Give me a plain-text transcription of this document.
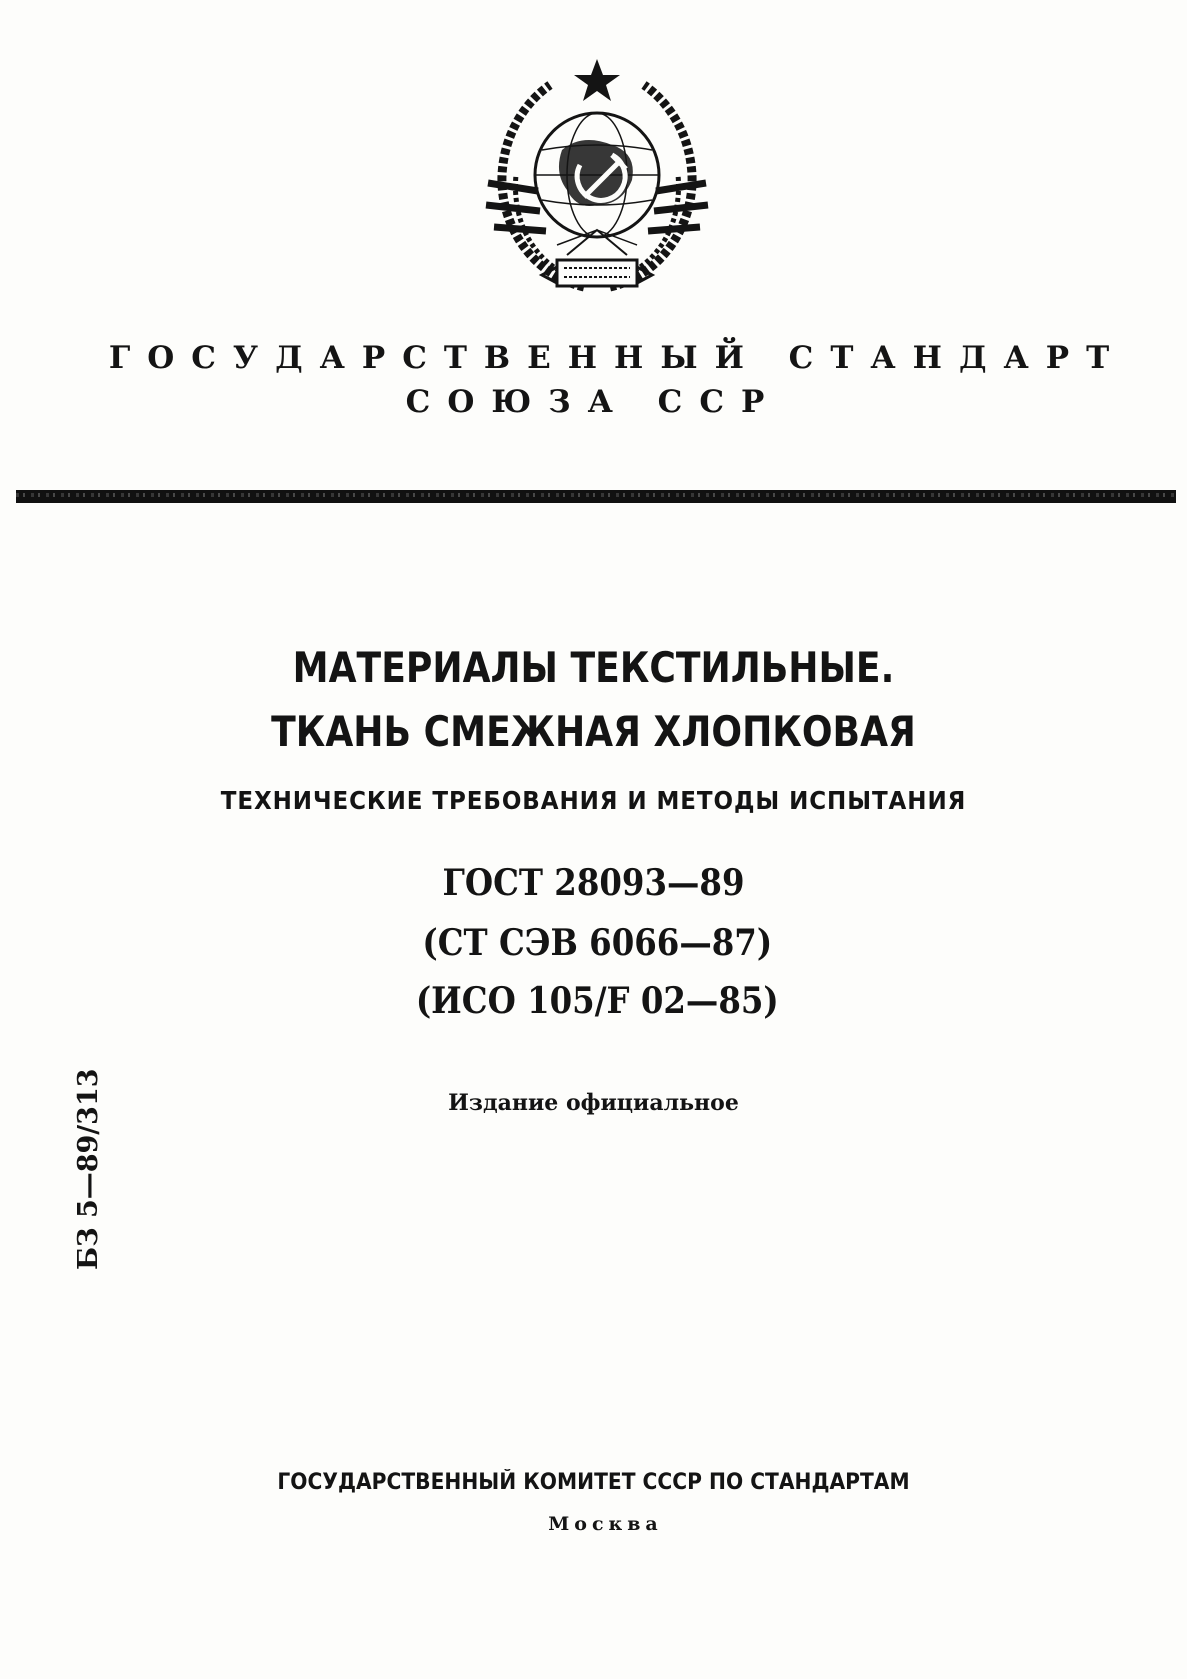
ГОСУДАРСТВЕННЫЙ СТАНДАРТ
СОЮЗА ССР
МАТЕРИАЛЫ ТЕКСТИЛЬНЫЕ.
ТКАНЬ СМЕЖНАЯ ХЛОПКОВАЯ
ТЕХНИЧЕСКИЕ ТРЕБОВАНИЯ И МЕТОДЫ ИСПЫТАНИЯ
ГОСТ 28093—89
(СТ СЭВ 6066—87)
(ИСО 105/F 02—85)
Издание официальное
БЗ 5—89/313
ГОСУДАРСТВЕННЫЙ КОМИТЕТ СССР ПО СТАНДАРТАМ
Москва
